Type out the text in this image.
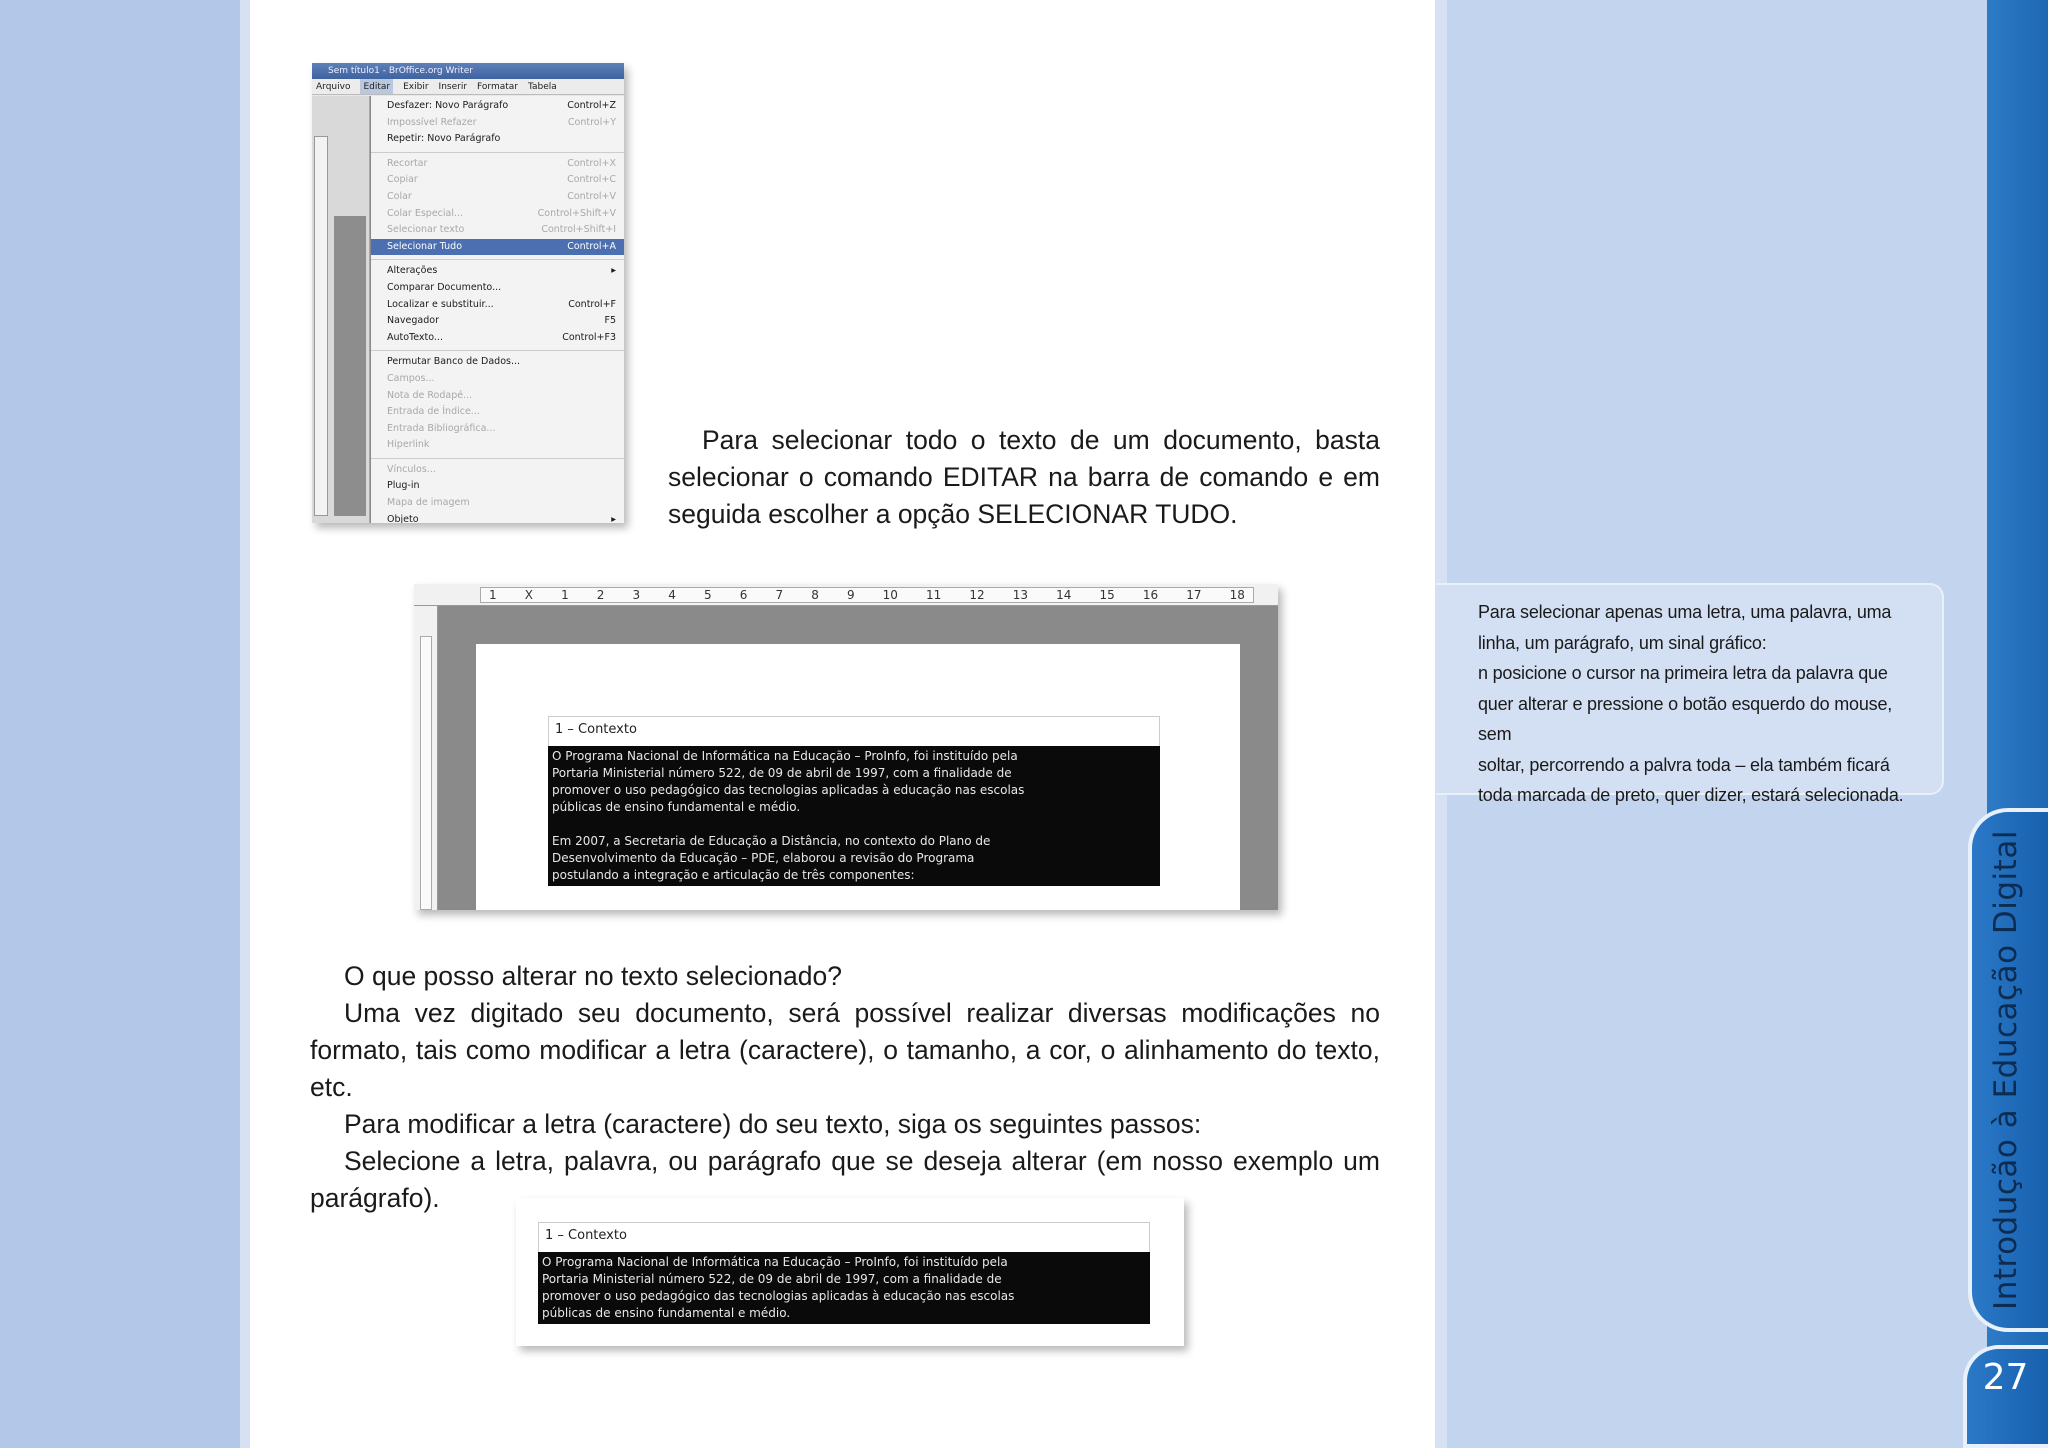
Sem título1 - BrOffice.org Writer
Arquivo	Editar	Exibir Inserir Formatar Tabela
Desfazer: Novo Parágrafo	Control+Z
Impossível Refazer	Control+Y
Repetir: Novo Parágrafo
Recortar	Control+X
Copiar	Control+C
Colar	Control+V
Colar Especial...	Control+Shift+V
Selecionar texto	Control+Shift+I
Selecionar Tudo	Control+A
Alterações	▸
Comparar Documento...
Localizar e substituir...	Control+F
Navegador	F5
AutoTexto...	Control+F3
Permutar Banco de Dados...
Campos...
Nota de Rodapé...
Entrada de Índice...
Entrada Bibliográfica...
Hiperlink
Vínculos...
Plug-in
Mapa de imagem
Objeto	▸

Para selecionar todo o texto de um documento, basta selecionar o comando EDITAR na barra de comando e em seguida escolher a opção SELECIONAR TUDO.

1 X 1 2 3 4 5 6 7 8 9 10 11 12 13 14 15 16 17 18
1 – Contexto
O Programa Nacional de Informática na Educação – ProInfo, foi instituído pela
Portaria Ministerial número 522, de 09 de abril de 1997, com a finalidade de
promover o uso pedagógico das tecnologias aplicadas à educação nas escolas
públicas de ensino fundamental e médio.
Em 2007, a Secretaria de Educação a Distância, no contexto do Plano de
Desenvolvimento da Educação – PDE, elaborou a revisão do Programa
postulando a integração e articulação de três componentes:

O que posso alterar no texto selecionado?

Uma vez digitado seu documento, será possível realizar diversas modificações no formato, tais como modificar a letra (caractere), o tamanho, a cor, o alinhamento do texto, etc.

Para modificar a letra (caractere) do seu texto, siga os seguintes passos:

Selecione a letra, palavra, ou parágrafo que se deseja alterar (em nosso exemplo um parágrafo).

1 – Contexto
O Programa Nacional de Informática na Educação – ProInfo, foi instituído pela
Portaria Ministerial número 522, de 09 de abril de 1997, com a finalidade de
promover o uso pedagógico das tecnologias aplicadas à educação nas escolas
públicas de ensino fundamental e médio.
Para selecionar apenas uma letra, uma palavra, uma
linha, um parágrafo, um sinal gráfico:
n posicione o cursor na primeira letra da palavra que
quer alterar e pressione o botão esquerdo do mouse, sem
soltar, percorrendo a palvra toda – ela também ficará
toda marcada de preto, quer dizer, estará selecionada.
Introdução à Educação Digital
27
